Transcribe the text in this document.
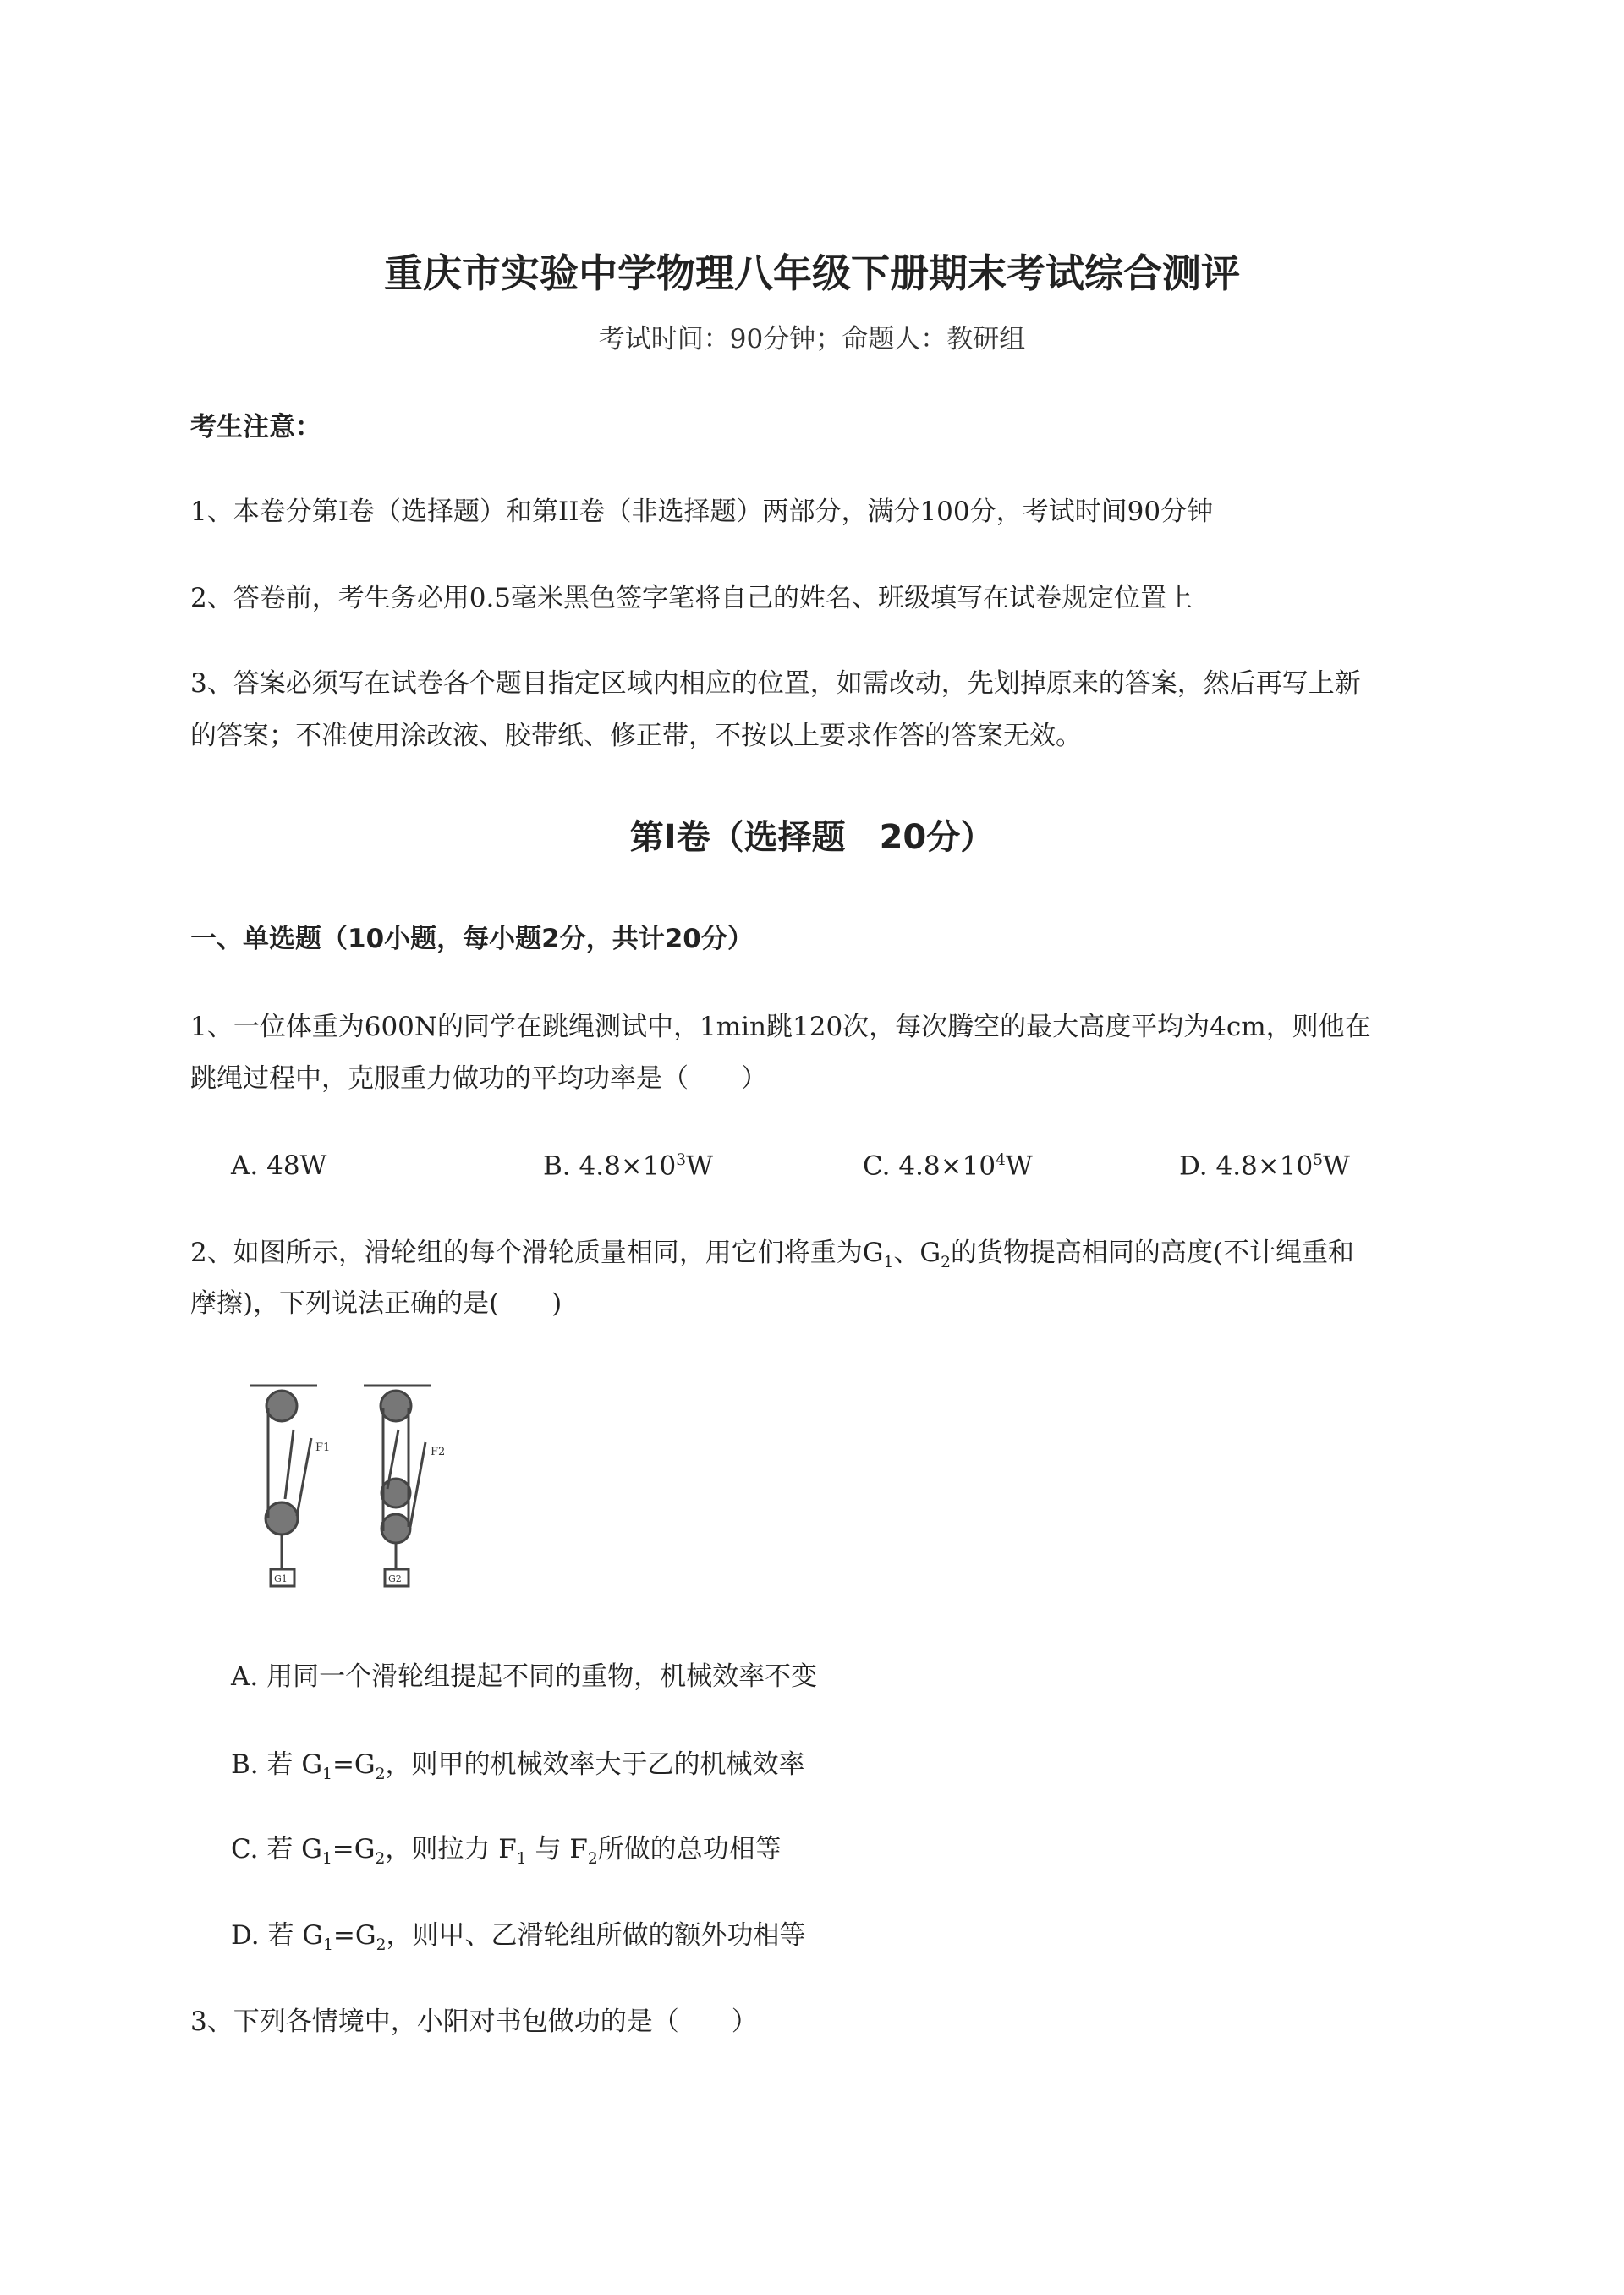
重庆市实验中学物理八年级下册期末考试综合测评
考试时间：90分钟；命题人：教研组
考生注意：
1、本卷分第I卷（选择题）和第II卷（非选择题）两部分，满分100分，考试时间90分钟
2、答卷前，考生务必用0.5毫米黑色签字笔将自己的姓名、班级填写在试卷规定位置上
3、答案必须写在试卷各个题目指定区域内相应的位置，如需改动，先划掉原来的答案，然后再写上新
的答案；不准使用涂改液、胶带纸、修正带，不按以上要求作答的答案无效。
第I卷（选择题　20分）
一、单选题（10小题，每小题2分，共计20分）
1、一位体重为600N的同学在跳绳测试中，1min跳120次，每次腾空的最大高度平均为4cm，则他在
跳绳过程中，克服重力做功的平均功率是（　　）
A. 48W	B. $4.8\times 10^3W$	C. $4.8\times 10^4W$	D. $4.8\times 10^5W$
2、如图所示，滑轮组的每个滑轮质量相同，用它们将重为$G_1$、$G_2$的货物提高相同的高度(不计绳重和
摩擦)，下列说法正确的是(　　)
F1	F2
G1	G2
A. 用同一个滑轮组提起不同的重物，机械效率不变
B. 若 $G_1=G_2$，则甲的机械效率大于乙的机械效率
C. 若 $G_1=G_2$，则拉力 $F_1$ 与 $F_2$所做的总功相等
D. 若 $G_1=G_2$，则甲、乙滑轮组所做的额外功相等
3、下列各情境中，小阳对书包做功的是（　　）
